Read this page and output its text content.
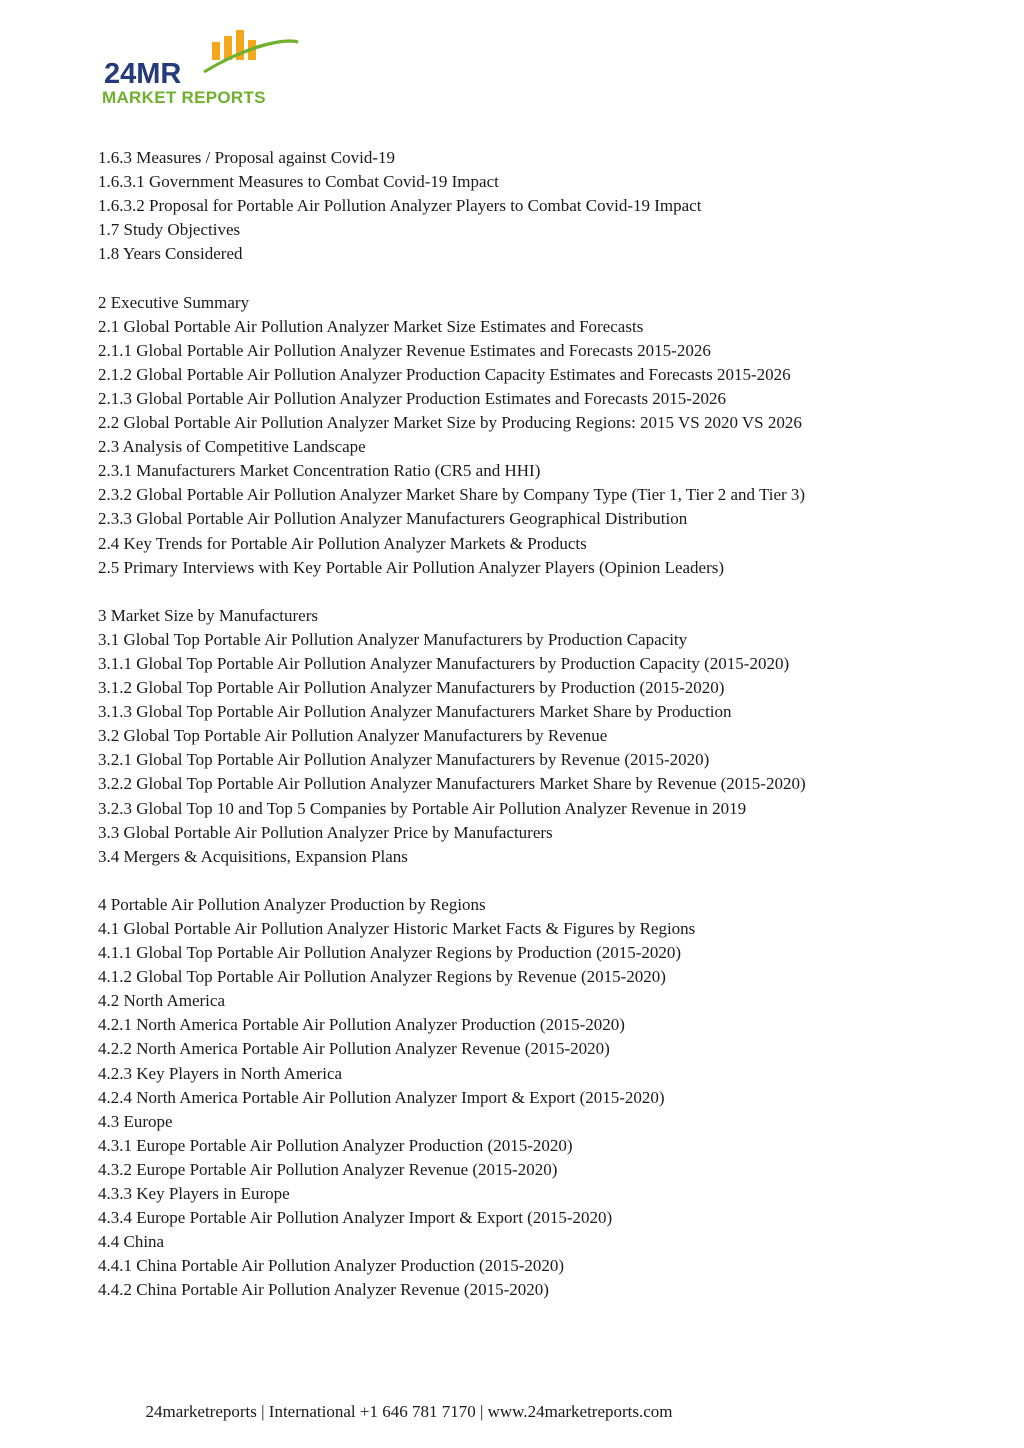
24MR
MARKET REPORTS
1.6.3 Measures / Proposal against Covid-19
1.6.3.1 Government Measures to Combat Covid-19 Impact
1.6.3.2 Proposal for Portable Air Pollution Analyzer Players to Combat Covid-19 Impact
1.7 Study Objectives
1.8 Years Considered
2 Executive Summary
2.1 Global Portable Air Pollution Analyzer Market Size Estimates and Forecasts
2.1.1 Global Portable Air Pollution Analyzer Revenue Estimates and Forecasts 2015-2026
2.1.2 Global Portable Air Pollution Analyzer Production Capacity Estimates and Forecasts 2015-2026
2.1.3 Global Portable Air Pollution Analyzer Production Estimates and Forecasts 2015-2026
2.2 Global Portable Air Pollution Analyzer Market Size by Producing Regions: 2015 VS 2020 VS 2026
2.3 Analysis of Competitive Landscape
2.3.1 Manufacturers Market Concentration Ratio (CR5 and HHI)
2.3.2 Global Portable Air Pollution Analyzer Market Share by Company Type (Tier 1, Tier 2 and Tier 3)
2.3.3 Global Portable Air Pollution Analyzer Manufacturers Geographical Distribution
2.4 Key Trends for Portable Air Pollution Analyzer Markets & Products
2.5 Primary Interviews with Key Portable Air Pollution Analyzer Players (Opinion Leaders)
3 Market Size by Manufacturers
3.1 Global Top Portable Air Pollution Analyzer Manufacturers by Production Capacity
3.1.1 Global Top Portable Air Pollution Analyzer Manufacturers by Production Capacity (2015-2020)
3.1.2 Global Top Portable Air Pollution Analyzer Manufacturers by Production (2015-2020)
3.1.3 Global Top Portable Air Pollution Analyzer Manufacturers Market Share by Production
3.2 Global Top Portable Air Pollution Analyzer Manufacturers by Revenue
3.2.1 Global Top Portable Air Pollution Analyzer Manufacturers by Revenue (2015-2020)
3.2.2 Global Top Portable Air Pollution Analyzer Manufacturers Market Share by Revenue (2015-2020)
3.2.3 Global Top 10 and Top 5 Companies by Portable Air Pollution Analyzer Revenue in 2019
3.3 Global Portable Air Pollution Analyzer Price by Manufacturers
3.4 Mergers & Acquisitions, Expansion Plans
4 Portable Air Pollution Analyzer Production by Regions
4.1 Global Portable Air Pollution Analyzer Historic Market Facts & Figures by Regions
4.1.1 Global Top Portable Air Pollution Analyzer Regions by Production (2015-2020)
4.1.2 Global Top Portable Air Pollution Analyzer Regions by Revenue (2015-2020)
4.2 North America
4.2.1 North America Portable Air Pollution Analyzer Production (2015-2020)
4.2.2 North America Portable Air Pollution Analyzer Revenue (2015-2020)
4.2.3 Key Players in North America
4.2.4 North America Portable Air Pollution Analyzer Import & Export (2015-2020)
4.3 Europe
4.3.1 Europe Portable Air Pollution Analyzer Production (2015-2020)
4.3.2 Europe Portable Air Pollution Analyzer Revenue (2015-2020)
4.3.3 Key Players in Europe
4.3.4 Europe Portable Air Pollution Analyzer Import & Export (2015-2020)
4.4 China
4.4.1 China Portable Air Pollution Analyzer Production (2015-2020)
4.4.2 China Portable Air Pollution Analyzer Revenue (2015-2020)
24marketreports | International +1 646 781 7170 | www.24marketreports.com
